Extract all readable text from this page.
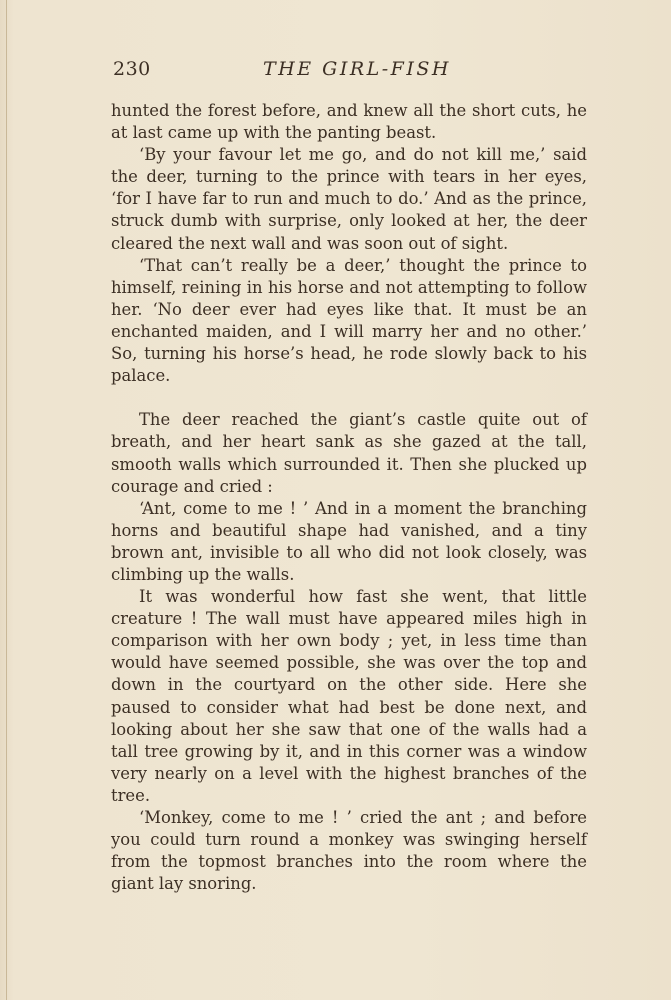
230	THE GIRL-FISH

hunted the forest before, and knew all the short cuts, he at last came up with the panting beast.

‘By your favour let me go, and do not kill me,’ said the deer, turning to the prince with tears in her eyes, ‘for I have far to run and much to do.’ And as the prince, struck dumb with surprise, only looked at her, the deer cleared the next wall and was soon out of sight.

‘That can’t really be a deer,’ thought the prince to himself, reining in his horse and not attempting to follow her. ‘No deer ever had eyes like that. It must be an enchanted maiden, and I will marry her and no other.’ So, turning his horse’s head, he rode slowly back to his palace.

The deer reached the giant’s castle quite out of breath, and her heart sank as she gazed at the tall, smooth walls which surrounded it. Then she plucked up courage and cried :

‘Ant, come to me ! ’ And in a moment the branching horns and beautiful shape had vanished, and a tiny brown ant, invisible to all who did not look closely, was climbing up the walls.

It was wonderful how fast she went, that little creature ! The wall must have appeared miles high in comparison with her own body ; yet, in less time than would have seemed possible, she was over the top and down in the courtyard on the other side. Here she paused to consider what had best be done next, and looking about her she saw that one of the walls had a tall tree growing by it, and in this corner was a window very nearly on a level with the highest branches of the tree.

‘Monkey, come to me ! ’ cried the ant ; and before you could turn round a monkey was swinging herself from the topmost branches into the room where the giant lay snoring.
